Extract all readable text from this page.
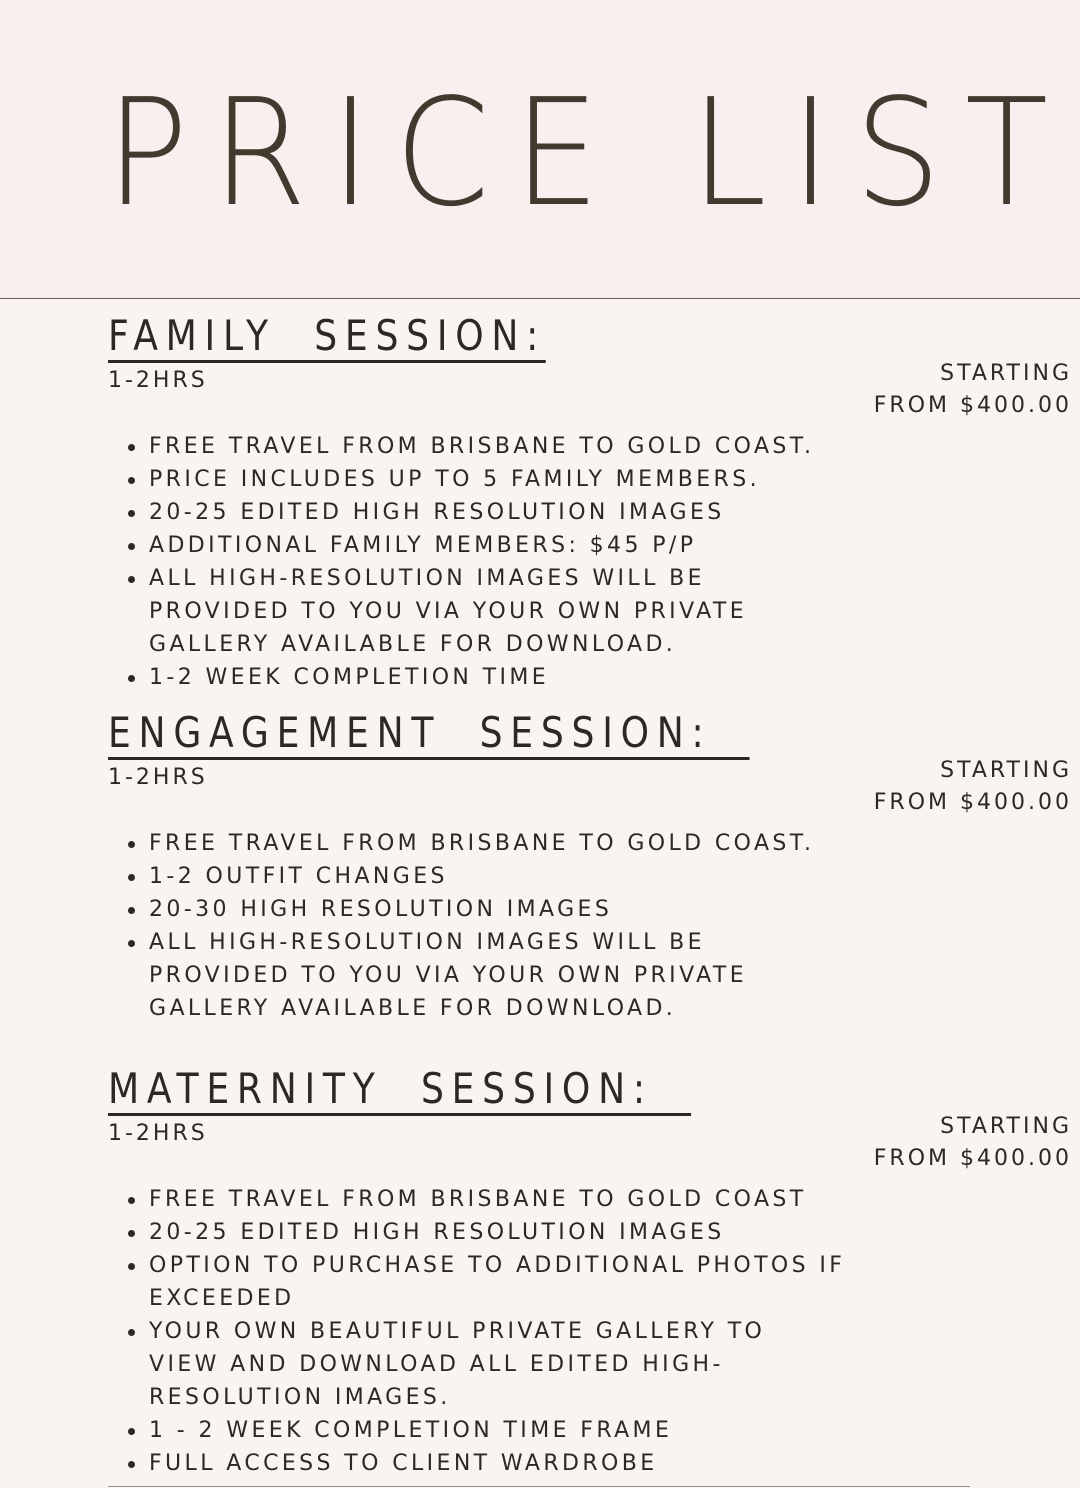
PRICE LIST
FAMILY  SESSION:
1-2HRS	STARTING
FROM $400.00
FREE TRAVEL FROM BRISBANE TO GOLD COAST.
PRICE INCLUDES UP TO 5 FAMILY MEMBERS.
20-25 EDITED HIGH RESOLUTION IMAGES
ADDITIONAL FAMILY MEMBERS: $45 P/P
ALL HIGH-RESOLUTION IMAGES WILL BE
PROVIDED TO YOU VIA YOUR OWN PRIVATE
GALLERY AVAILABLE FOR DOWNLOAD.
1-2 WEEK COMPLETION TIME
ENGAGEMENT  SESSION:
1-2HRS	STARTING
FROM $400.00
FREE TRAVEL FROM BRISBANE TO GOLD COAST.
1-2 OUTFIT CHANGES
20-30 HIGH RESOLUTION IMAGES
ALL HIGH-RESOLUTION IMAGES WILL BE
PROVIDED TO YOU VIA YOUR OWN PRIVATE
GALLERY AVAILABLE FOR DOWNLOAD.
MATERNITY  SESSION:
1-2HRS	STARTING
FROM $400.00
FREE TRAVEL FROM BRISBANE TO GOLD COAST
20-25 EDITED HIGH RESOLUTION IMAGES
OPTION TO PURCHASE TO ADDITIONAL PHOTOS IF
EXCEEDED
YOUR OWN BEAUTIFUL PRIVATE GALLERY TO
VIEW AND DOWNLOAD ALL EDITED HIGH-
RESOLUTION IMAGES.
1 - 2 WEEK COMPLETION TIME FRAME
FULL ACCESS TO CLIENT WARDROBE
